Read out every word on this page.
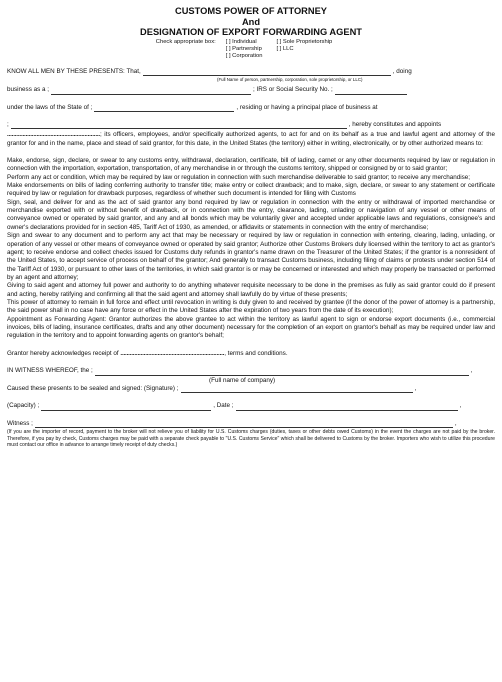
CUSTOMS POWER OF ATTORNEY
And
DESIGNATION OF EXPORT FORWARDING AGENT
Check appropriate box: [ ] Individual
[ ] Partnership
[ ] Corporation
[ ] Sole Proprietorship
[ ] LLC
KNOW ALL MEN BY THESE PRESENTS: That,	, doing
(Full Name of person, partnership, corporation, sole proprietorship, or LLC)
business as a ;	; IRS or Social Security No. ;
under the laws of the State of ;	, residing or having a principal place of business at
;	, hereby constitutes and appoints
............................................................; its officers, employees, and/or specifically authorized agents, to act for and on its behalf as a true and lawful agent and attorney of the grantor for and in the name, place and stead of said grantor, for this date, in the United States (the territory) either in writing, electronically, or by other authorized means to:
Make, endorse, sign, declare, or swear to any customs entry, withdrawal, declaration, certificate, bill of lading, carnet or any other documents required by law or regulation in connection with the importation, exportation, transportation, of any merchandise in or through the customs territory, shipped or consigned by or to said grantor;
Perform any act or condition, which may be required by law or regulation in connection with such merchandise deliverable to said grantor; to receive any merchandise;
Make endorsements on bills of lading conferring authority to transfer title; make entry or collect drawback; and to make, sign, declare, or swear to any statement or certificate required by law or regulation for drawback purposes, regardless of whether such document is intended for filing with Customs
Sign, seal, and deliver for and as the act of said grantor any bond required by law or regulation in connection with the entry or withdrawal of imported merchandise or merchandise exported with or without benefit of drawback, or in connection with the entry, clearance, lading, unlading or navigation of any vessel or other means of conveyance owned or operated by said grantor, and any and all bonds which may be voluntarily giver and accepted under applicable laws and regulations, consignee's and owner's declarations provided for in section 485, Tariff Act of 1930, as amended, or affidavits or statements in connection with the entry of merchandise;
Sign and swear to any document and to perform any act that may be necessary or required by law or regulation in connection with entering, clearing, lading, unlading, or operation of any vessel or other means of conveyance owned or operated by said grantor; Authorize other Customs Brokers duly licensed within the territory to act as grantor's agent; to receive endorse and collect checks issued for Customs duty refunds in grantor's name drawn on the Treasurer of the United States; if the grantor is a nonresident of the United States, to accept service of process on behalf of the grantor; And generally to transact Customs business, including filing of claims or protests under section 514 of the Tariff Act of 1930, or pursuant to other laws of the territories, in which said grantor is or may be concerned or interested and which may properly be transacted or performed by an agent and attorney;
Giving to said agent and attorney full power and authority to do anything whatever requisite necessary to be done in the premises as fully as said grantor could do if present and acting, hereby ratifying and confirming all that the said agent and attorney shall lawfully do by virtue of these presents;
This power of attorney to remain in full force and effect until revocation in writing is duly given to and received by grantee (if the donor of the power of attorney is a partnership, the said power shall in no case have any force or effect in the United States after the expiration of two years from the date of its execution);
Appointment as Forwarding Agent: Grantor authorizes the above grantee to act within the territory as lawful agent to sign or endorse export documents (i.e., commercial invoices, bills of lading, insurance certificates, drafts and any other document) necessary for the completion of an export on grantor's behalf as may be required under law and regulation in the territory and to appoint forwarding agents on grantor's behalf;
Grantor hereby acknowledges receipt of
................................................................... , terms and conditions.
IN WITNESS WHEREOF, the ;	,
(Full name of company)
Caused these presents to be sealed and signed: (Signature) ;	,
(Capacity) ;	, Date ;	,
Witness ;	,
(If you are the importer of record, payment to the broker will not relieve you of liability for U.S. Customs charges (duties, taxes or other debts owed Customs) in the event the charges are not paid by the broker. Therefore, if you pay by check, Customs charges may be paid with a separate check payable to "U.S. Customs Service" which shall be delivered to Customs by the broker. Importers who wish to utilize this procedure must contact our office in advance to arrange timely receipt of duty checks.)
